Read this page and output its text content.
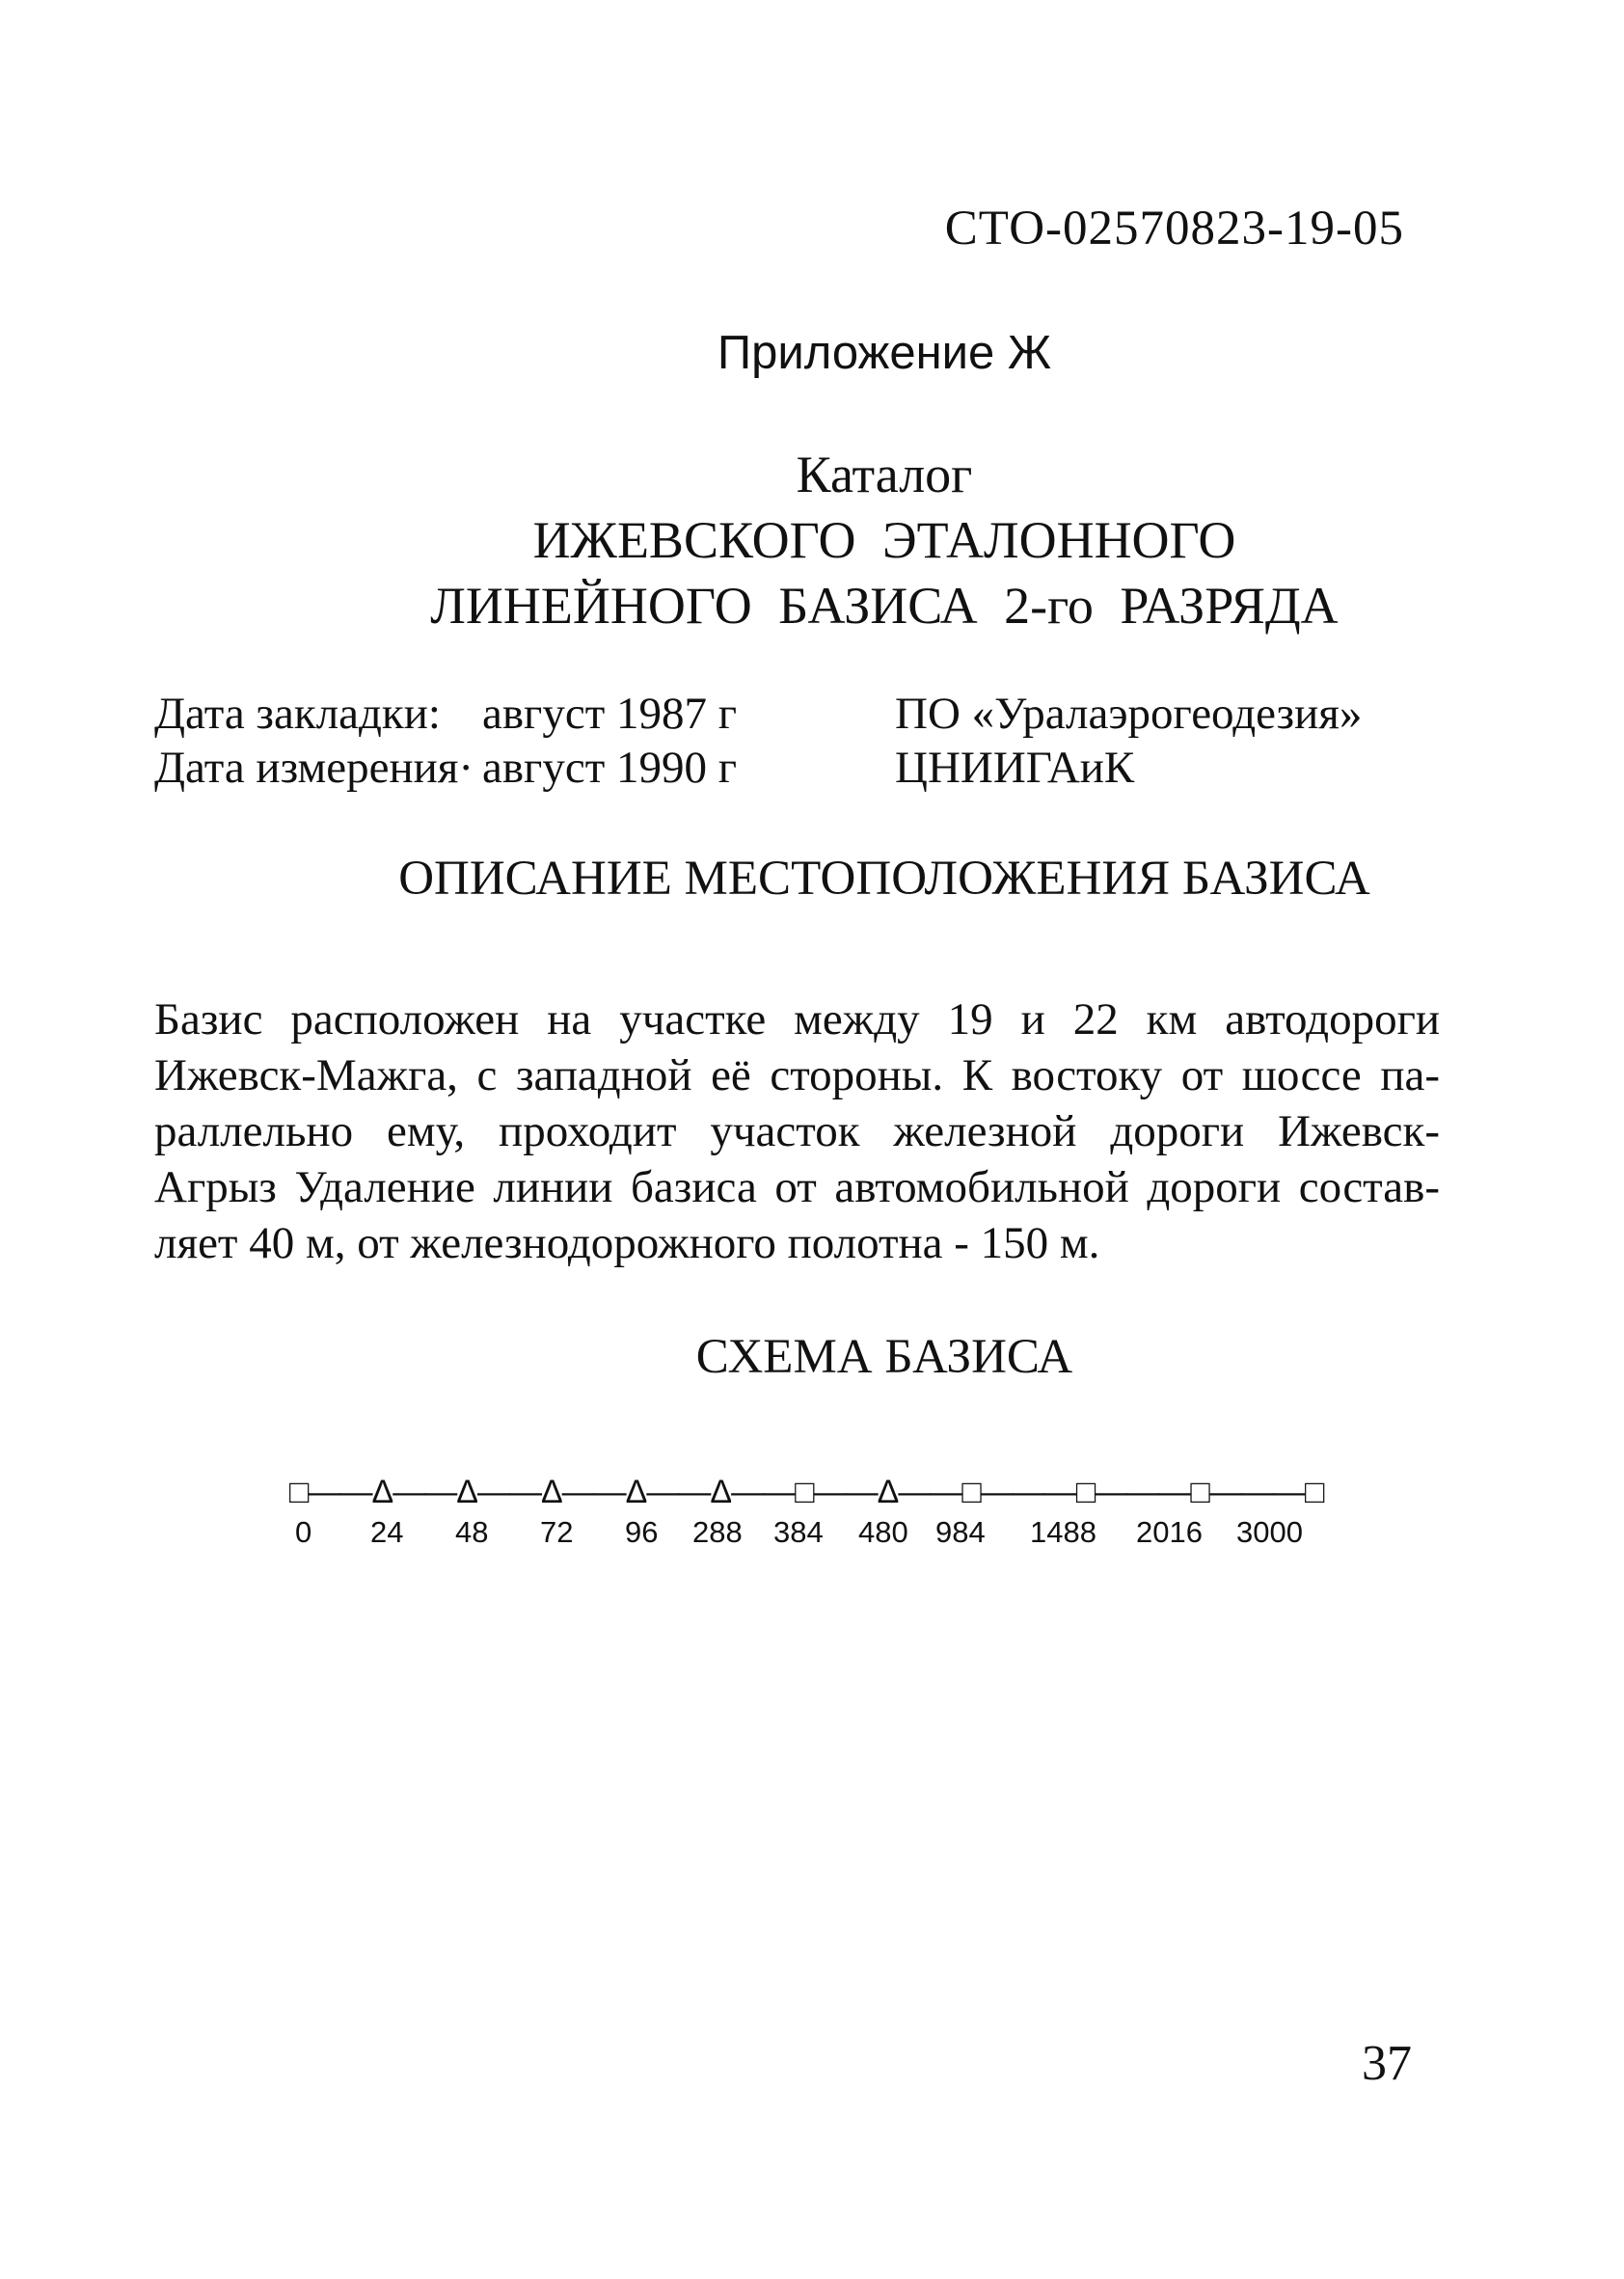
СТО-02570823-19-05
Приложение Ж
Каталог
ИЖЕВСКОГО ЭТАЛОННОГО
ЛИНЕЙНОГО БАЗИСА 2-го РАЗРЯДА
Дата закладки: август 1987 г
Дата измерения· август 1990 г
ПО «Уралаэрогеодезия»
ЦНИИГАиК
ОПИСАНИЕ МЕСТОПОЛОЖЕНИЯ БАЗИСА
Базис расположен на участке между 19 и 22 км автодороги
Ижевск-Мажга, с западной её стороны. К востоку от шоссе па-
раллельно ему, проходит участок железной дороги Ижевск-
Агрыз Удаление линии базиса от автомобильной дороги состав-
ляет 40 м, от железнодорожного полотна - 150 м.
СХЕМА БАЗИСА
□——Δ——Δ——Δ——Δ——Δ——□——Δ——□———□———□———□
0 24 48 72 96 288 384 480 984 1488 2016 3000
37
